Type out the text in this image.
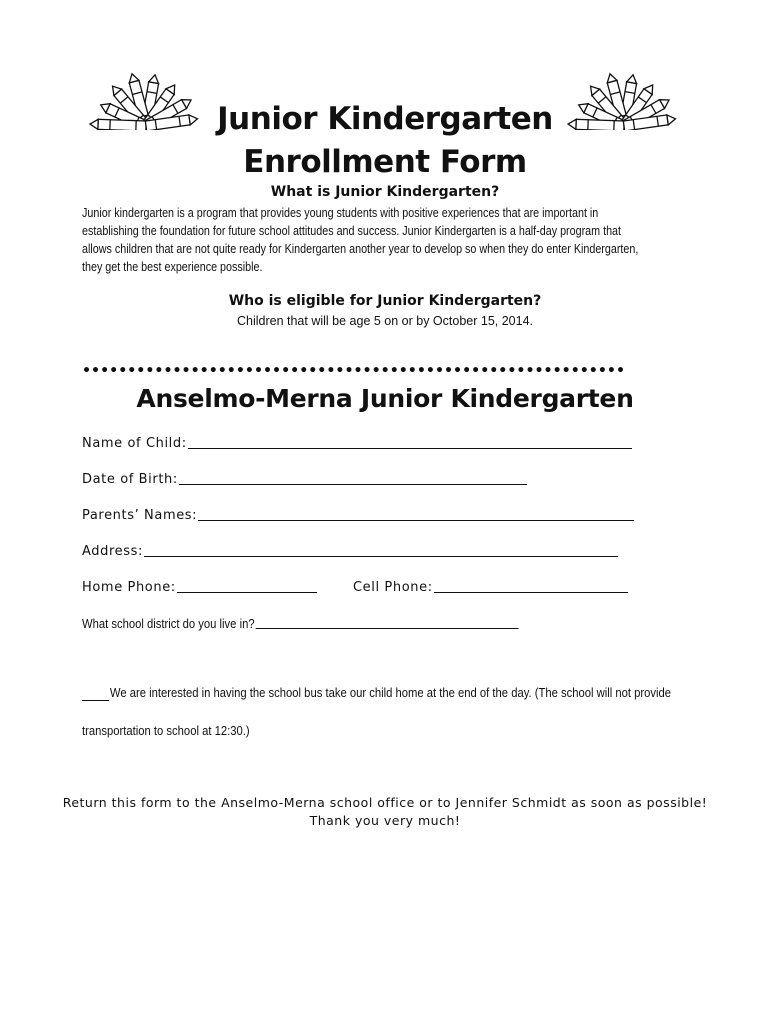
Junior Kindergarten
Enrollment Form
What is Junior Kindergarten?
Junior kindergarten is a program that provides young students with positive experiences that are important in
establishing the foundation for future school attitudes and success. Junior Kindergarten is a half-day program that
allows children that are not quite ready for Kindergarten another year to develop so when they do enter Kindergarten,
they get the best experience possible.
Who is eligible for Junior Kindergarten?
Children that will be age 5 on or by October 15, 2014.
••••••••••••••••••••••••••••••••••••••••••••••••••••••••••••
Anselmo-Merna Junior Kindergarten
Name of Child:
Date of Birth:
Parents’ Names:
Address:
Home Phone:	Cell Phone:
What school district do you live in?
We are interested in having the school bus take our child home at the end of the day. (The school will not provide
transportation to school at 12:30.)
Return this form to the Anselmo-Merna school office or to Jennifer Schmidt as soon as possible!
Thank you very much!
